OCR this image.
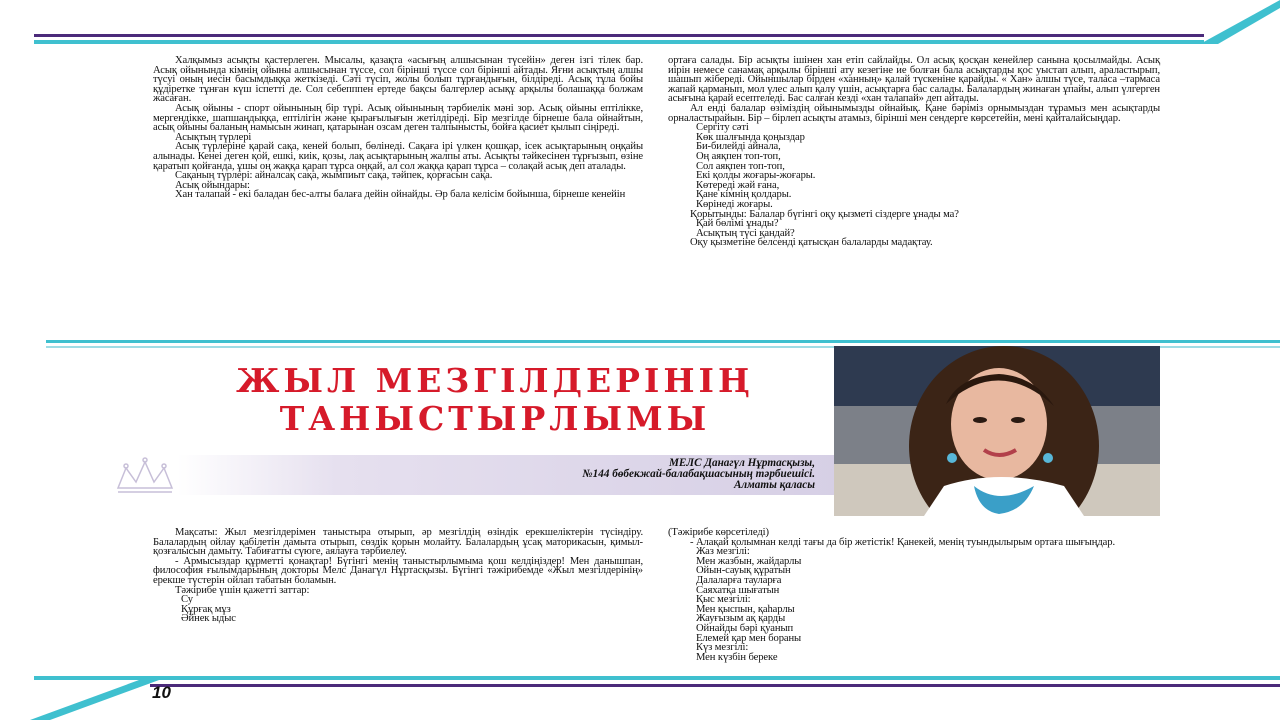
Халқымыз асықты қастерлеген. Мысалы, қазақта «асығың алшысынан түсейін» деген ізгі тілек бар. Асық ойынында кімнің ойыны алшысынан түссе, сол бірінші түссе сол бірінші айтады. Яғни асықтың алшы түсуі оның иесін басымдыққа жеткізеді. Сәті түсіп, жолы болып тұрғандығын, білдіреді. Асық тұла бойы құдіретке тұнған күш іспетті де. Сол себепппен ертеде бақсы балгерлер асықұ арқылы болашаққа болжам жасаған.

Асық ойыны - спорт ойынының бір түрі. Асық ойынының тәрбиелік мәні зор. Асық ойыны ептілікке, мергендікке, шапшаңдыққа, ептілігін және қырағылығын жетілдіреді. Бір мезгілде бірнеше бала ойнайтын, асық ойыны баланың намысын жинап, қатарынан озсам деген талпынысты, бойға қасиет қылып сіңіреді.

Асықтың түрлері

Асық түрлеріне қарай сақа, кеней болып, бөлінеді. Сақаға ірі үлкен қошқар, ісек асықтарының оңқайы алынады. Кенеі деген қой, ешкі, киік, қозы, лақ асықтарының жалпы аты. Асықты тәйкесінен тұрғызып, өзіне қаратып қойғанда, ұшы оң жаққа қарап тұрса оңқай, ал сол жаққа қарап тұрса – солақай асық деп аталады.

Сақаның түрлері: айналсақ сақа, жымпиыт сақа, тәйпек, қорғасын сақа.

Асық ойындары:

Хан талапай - екі баладан бес-алты балаға дейін ойнайды. Әр бала келісім бойынша, бірнеше кенейін

ортаға салады. Бір асықты ішінен хан етіп сайлайды. Ол асық қосқан кенейлер санына қосылмайды. Асық иірін немесе санамақ арқылы бірінші ату кезегіне ие болған бала асықтарды қос уыстап алып, араластырып, шашып жібереді. Ойыншылар бірден «ханның» қалай түскеніне қарайды. « Хан» алшы түсе, таласа –тармаса жапай қарманып, мол үлес алып қалу үшін, асықтарға бас салады. Балалардың жинаған ұпайы, алып үлгерген асығына қарай есептеледі. Бас салған кезді «хан талапай» деп айтады.

Ал енді балалар өзіміздің ойынымызды ойнайық. Қане бәріміз орнымыздан тұрамыз мен асықтарды орналастырайын. Бір – бірлеп асықты атамыз, бірінші мен сендерге көрсетейін, мені қайталайсыңдар.

Сергіту сәті

Көк шалғында қоңыздар

Би-билейді айнала,

Оң аяқпен топ-топ,

Сол аяқпен топ-топ,

Екі қолды жоғары-жоғары.

Көтереді жәй ғана,

Қане кімнің қолдары.

Көрінеді жоғары.

Қорытынды: Балалар бүгінгі оқу қызметі сіздерге ұнады ма?

Қай бөлімі ұнады?

Асықтың түсі қандай?

Оқу қызметіне белсенді қатысқан балаларды мадақтау.

ЖЫЛ МЕЗГІЛДЕРІНІҢ
ТАНЫСТЫРЛЫМЫ
МЕЛС Данагүл Нұртасқызы,
№144 бөбекжай-балабақшасының тәрбиешісі.
Алматы қаласы

Мақсаты: Жыл мезгілдерімен таныстыра отырып, әр мезгілдің өзіндік ерекшеліктерін түсіндіру. Балалардың ойлау қабілетін дамыта отырып, сөздік қорын молайту. Балалардың ұсақ маторикасын, қимыл-қозғалысын дамыту. Табиғатты сүюге, аялауға тәрбиелеу.

- Армысыздар құрметті қонақтар! Бүгінгі менің таныстырлымыма қош келдіңіздер! Мен данышпан, философия ғылымдарының докторы Мелс Данагүл Нұртасқызы. Бүгінгі тәжірибемде «Жыл мезгілдерінің» ерекше түстерін ойлап табатын боламын.

Тәжірибе үшін қажетті заттар:

Су

Құрғақ мұз

Әйнек ыдыс

(Тәжірибе көрсетіледі)

- Алақай қолымнан келді тағы да бір жетістік! Қанекей, менің туындылырым ортаға шығыңдар.

Жаз мезгілі:

Мен жазбын, жайдарлы

Ойын-сауық құратын

Далаларға тауларға

Саяхатқа шығатын

Қыс мезгілі:

Мен қыспын, қаһарлы

Жауғызым ақ қарды

Ойнайды бәрі қуанып

Елемей қар мен бораны

Күз мезгілі:

Мен күзбін береке

10
